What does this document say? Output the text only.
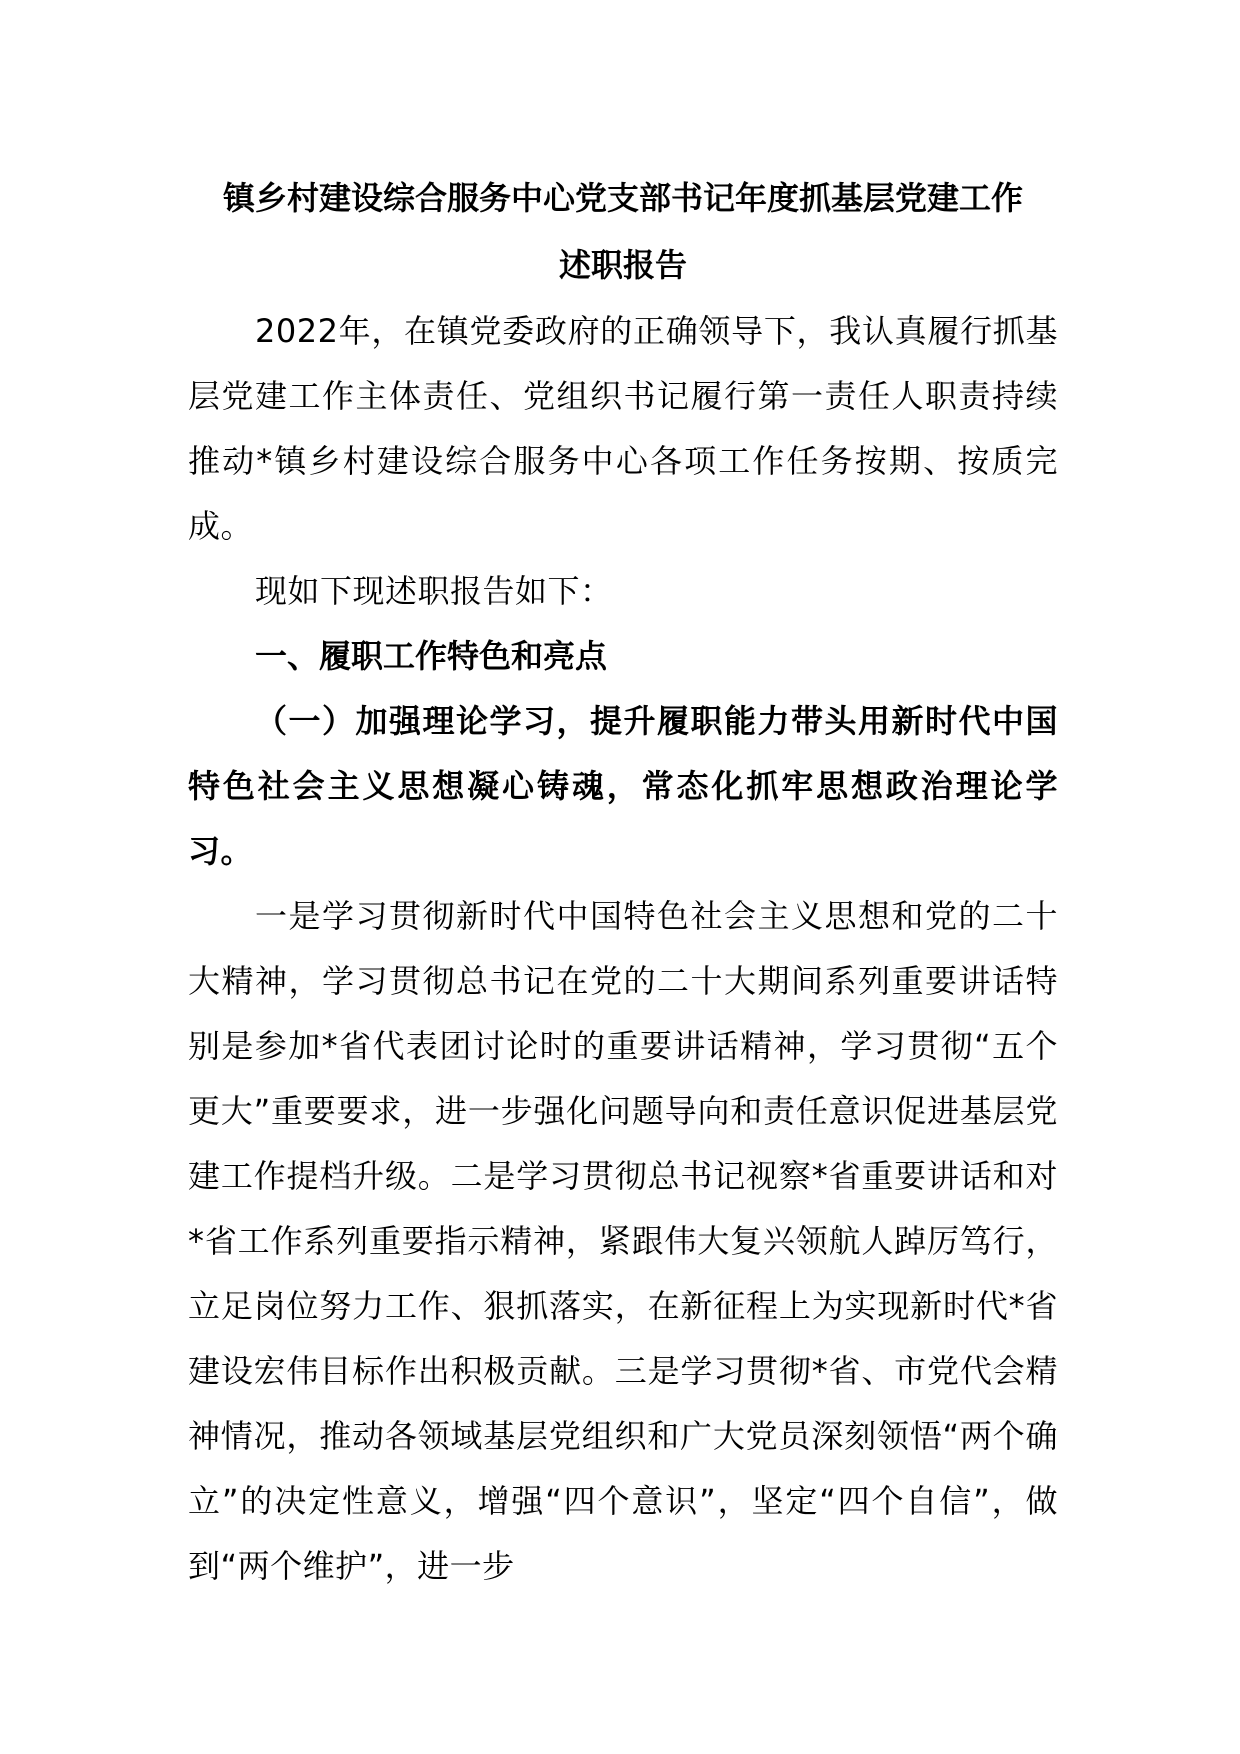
镇乡村建设综合服务中心党支部书记年度抓基层党建工作
述职报告

2022年，在镇党委政府的正确领导下，我认真履行抓基层党建工作主体责任、党组织书记履行第一责任人职责持续推动*镇乡村建设综合服务中心各项工作任务按期、按质完成。

现如下现述职报告如下：

一、履职工作特色和亮点

（一）加强理论学习，提升履职能力带头用新时代中国特色社会主义思想凝心铸魂，常态化抓牢思想政治理论学习。

一是学习贯彻新时代中国特色社会主义思想和党的二十大精神，学习贯彻总书记在党的二十大期间系列重要讲话特别是参加*省代表团讨论时的重要讲话精神，学习贯彻“五个更大”重要要求，进一步强化问题导向和责任意识促进基层党建工作提档升级。二是学习贯彻总书记视察*省重要讲话和对*省工作系列重要指示精神，紧跟伟大复兴领航人踔厉笃行，立足岗位努力工作、狠抓落实，在新征程上为实现新时代*省建设宏伟目标作出积极贡献。三是学习贯彻*省、市党代会精神情况，推动各领域基层党组织和广大党员深刻领悟“两个确立”的决定性意义，增强“四个意识”，坚定“四个自信”，做到“两个维护”，进一步
